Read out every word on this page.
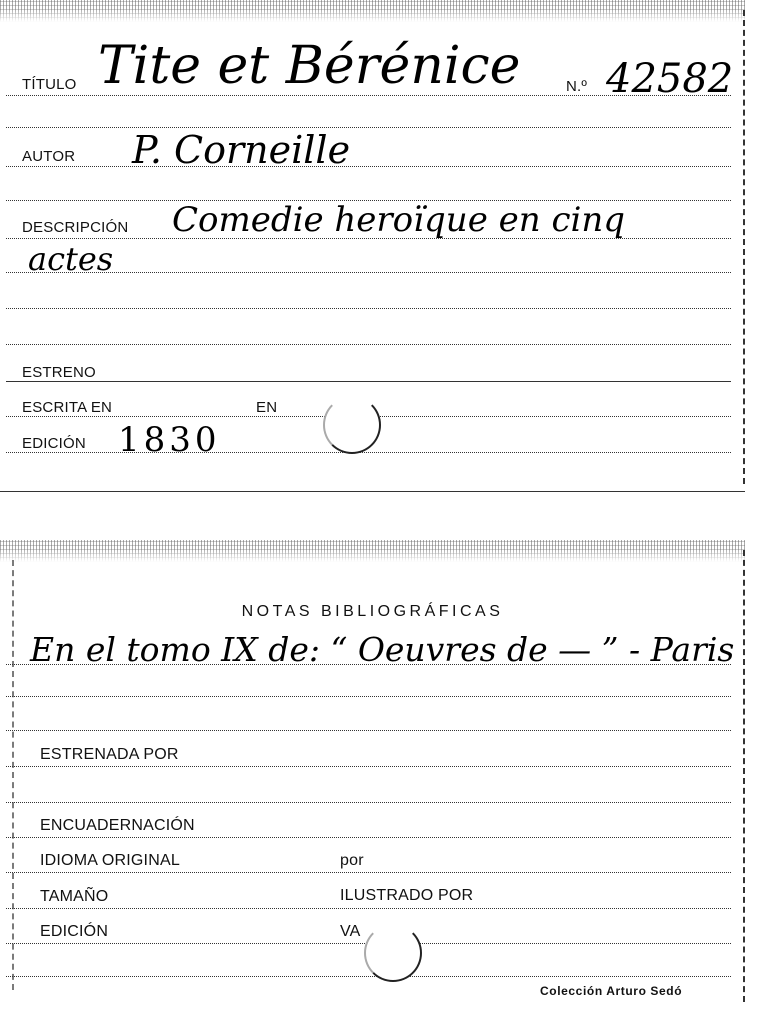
TÍTULO Tite et Bérénice	N.º 42582
AUTOR P. Corneille
DESCRIPCIÓN Comedie heroïque en cinq
actes
ESTRENO
ESCRITA EN	EN
EDICIÓN 1830
NOTAS BIBLIOGRÁFICAS
En el tomo IX de: “ Oeuvres de — ” - Paris
ESTRENADA POR
ENCUADERNACIÓN
IDIOMA ORIGINAL	por
TAMAÑO	ILUSTRADO POR
EDICIÓN	VA
Colección Arturo Sedó
